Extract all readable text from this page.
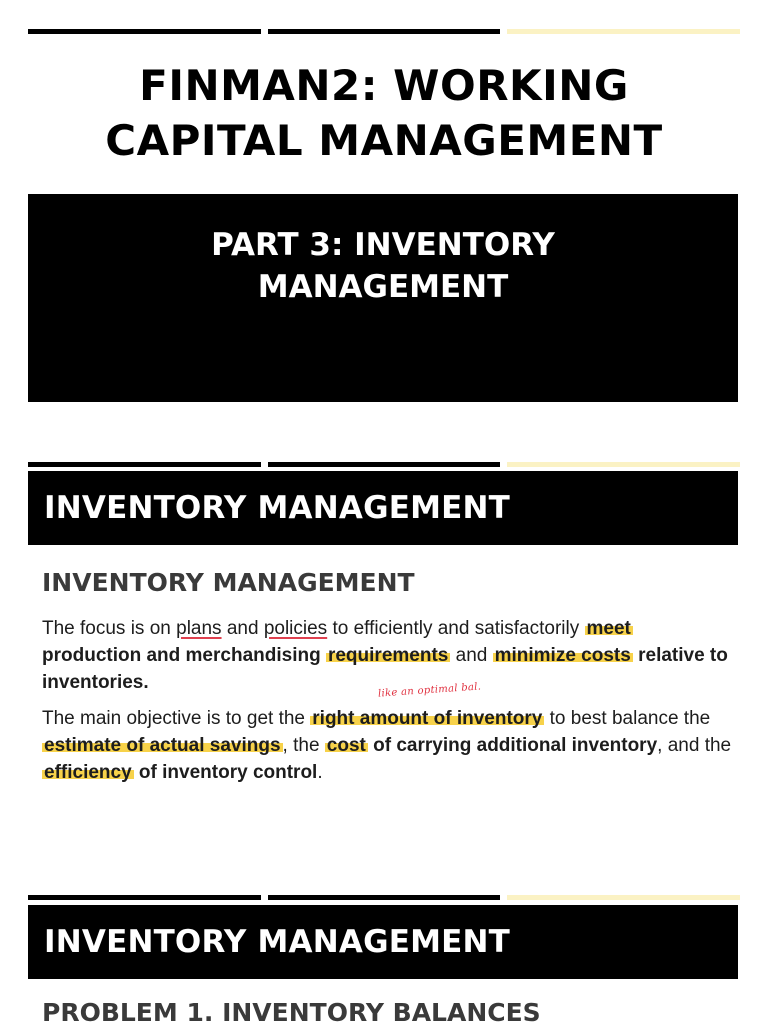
FINMAN2: WORKING
CAPITAL MANAGEMENT
PART 3: INVENTORY
MANAGEMENT
INVENTORY MANAGEMENT
INVENTORY MANAGEMENT
The focus is on plans and policies to efficiently and satisfactorily meet production and merchandising requirements and minimize costs relative to inventories.	like an optimal bal.
The main objective is to get the right amount of inventory to best balance the estimate of actual savings , the cost of carrying additional inventory, and the efficiency of inventory control.
INVENTORY MANAGEMENT
PROBLEM 1. INVENTORY BALANCES
